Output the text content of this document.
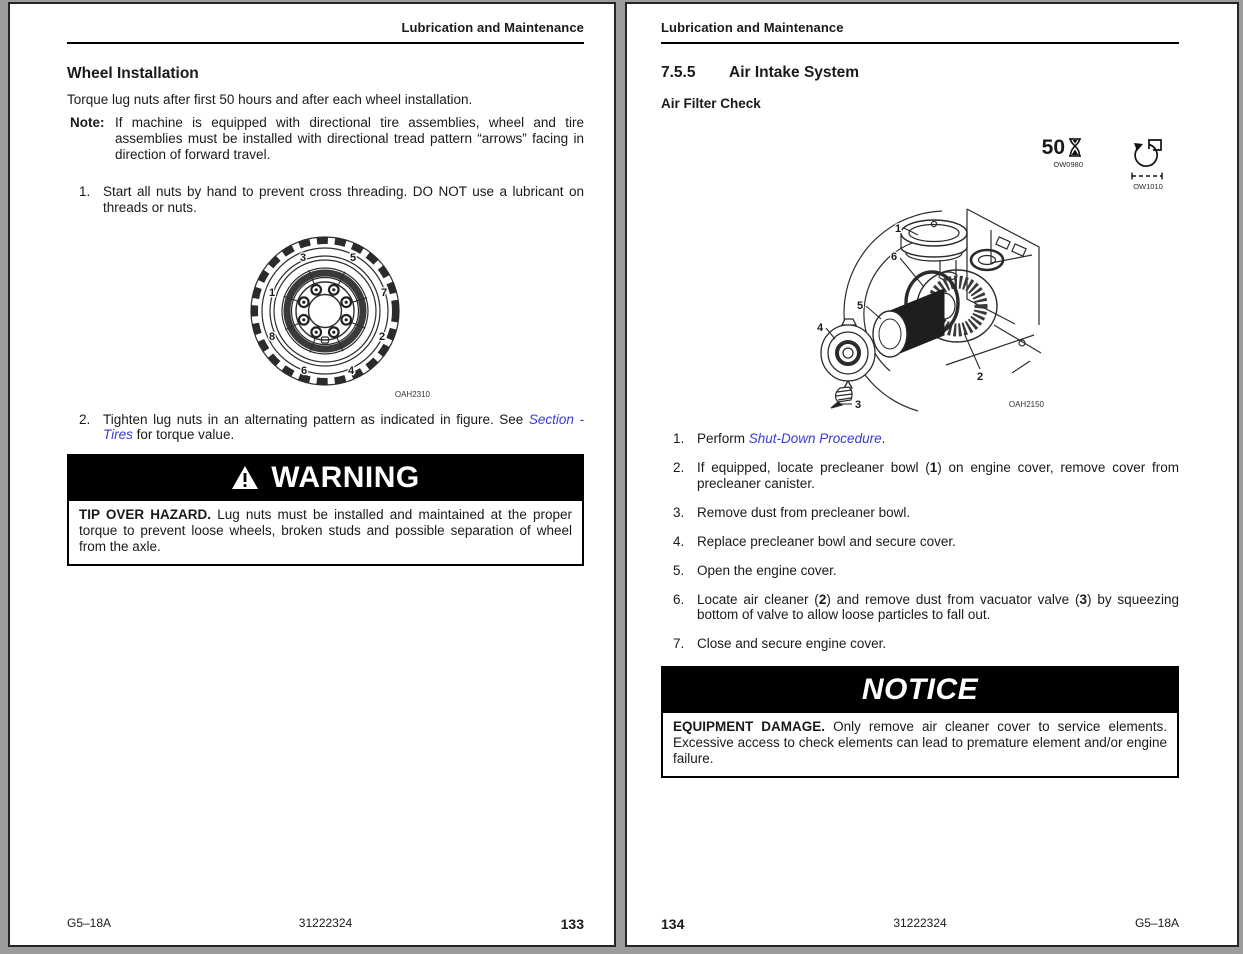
Lubrication and Maintenance
Wheel Installation
Torque lug nuts after first 50 hours and after each wheel installation.
Note: If machine is equipped with directional tire assemblies, wheel and tire assemblies must be installed with directional tread pattern “arrows” facing in direction of forward travel.
1. Start all nuts by hand to prevent cross threading. DO NOT use a lubricant on threads or nuts.
1
3	5
7
2
4
6
8
OAH2310
2. Tighten lug nuts in an alternating pattern as indicated in figure. See Section - Tires for torque value.
WARNING
TIP OVER HAZARD. Lug nuts must be installed and maintained at the proper torque to prevent loose wheels, broken studs and possible separation of wheel from the axle.
G5–18A	31222324	133
Lubrication and Maintenance
7.5.5	Air Intake System
Air Filter Check
50
OW0980
OW1010
1
6
5
4
3
2
OAH2150
1. Perform Shut-Down Procedure.
2. If equipped, locate precleaner bowl (1) on engine cover, remove cover from precleaner canister.
3. Remove dust from precleaner bowl.
4. Replace precleaner bowl and secure cover.
5. Open the engine cover.
6. Locate air cleaner (2) and remove dust from vacuator valve (3) by squeezing bottom of valve to allow loose particles to fall out.
7. Close and secure engine cover.
NOTICE
EQUIPMENT DAMAGE. Only remove air cleaner cover to service elements. Excessive access to check elements can lead to premature element and/or engine failure.
134	31222324	G5–18A
